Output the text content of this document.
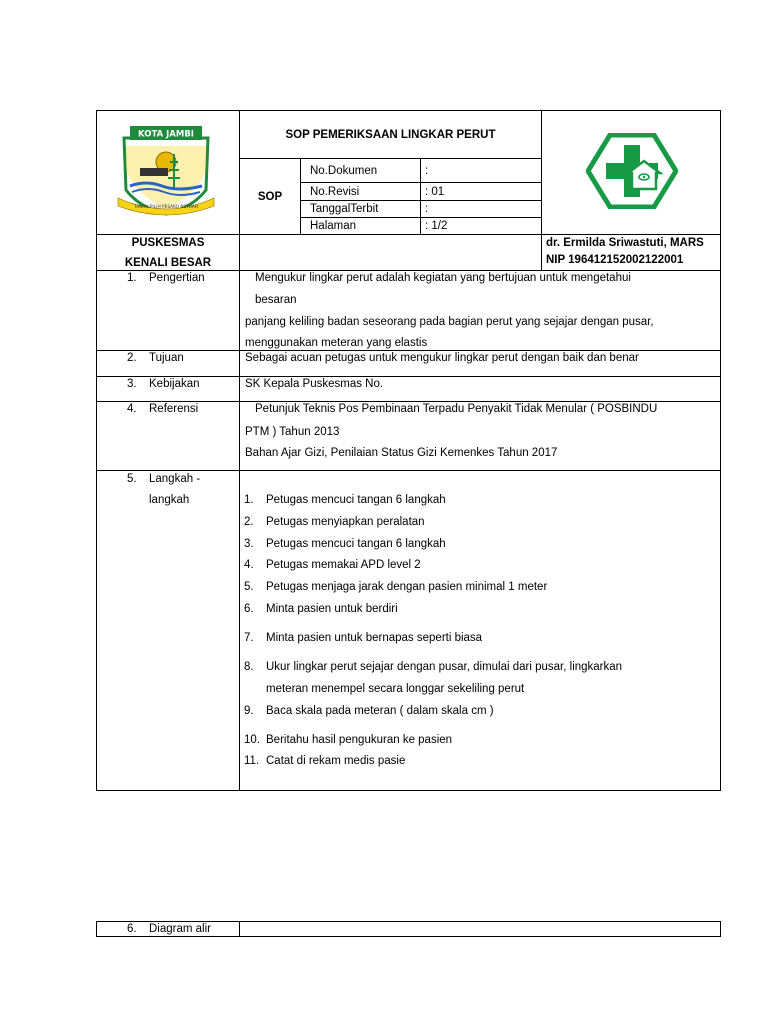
KOTA JAMBI
TANAH PILIH PESAKO BETUAH
SOP PEMERIKSAAN LINGKAR PERUT
SOP
No.Dokumen	:
No.Revisi	: 01
TanggalTerbit	:
Halaman	: 1/2
PUSKESMAS
KENALI BESAR
dr. Ermilda Sriwastuti, MARS
NIP 196412152002122001
1. Pengertian	Mengukur lingkar perut adalah kegiatan yang bertujuan untuk mengetahui
besaran
panjang keliling badan seseorang pada bagian perut yang sejajar dengan pusar,
menggunakan meteran yang elastis
2. Tujuan	Sebagai acuan petugas untuk mengukur lingkar perut dengan baik dan benar
3. Kebijakan	SK Kepala Puskesmas No.
4. Referensi	Petunjuk Teknis Pos Pembinaan Terpadu Penyakit Tidak Menular ( POSBINDU
PTM ) Tahun 2013
Bahan Ajar Gizi, Penilaian Status Gizi Kemenkes Tahun 2017
5. Langkah -
langkah	1. Petugas mencuci tangan 6 langkah
2. Petugas menyiapkan peralatan
3. Petugas mencuci tangan 6 langkah
4. Petugas memakai APD level 2
5. Petugas menjaga jarak dengan pasien minimal 1 meter
6. Minta pasien untuk berdiri
7. Minta pasien untuk bernapas seperti biasa
8. Ukur lingkar perut sejajar dengan pusar, dimulai dari pusar, lingkarkan
meteran menempel secara longgar sekeliling perut
9. Baca skala pada meteran ( dalam skala cm )
10. Beritahu hasil pengukuran ke pasien
11. Catat di rekam medis pasie
6. Diagram alir
